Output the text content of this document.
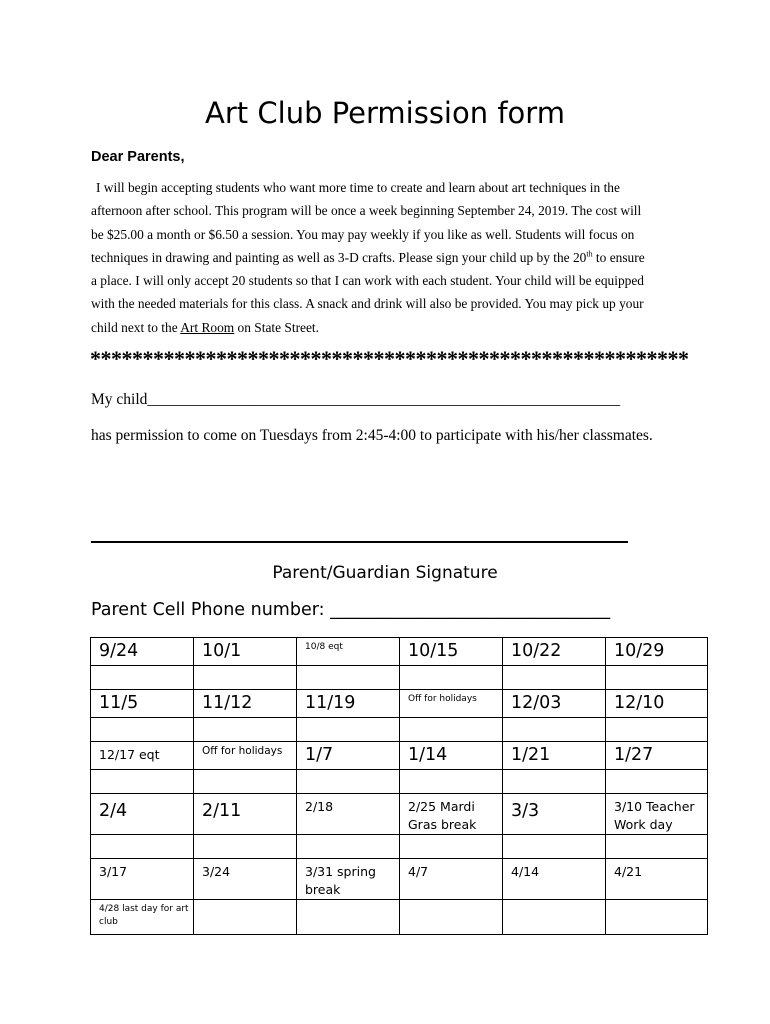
Art Club Permission form
Dear Parents,
I will begin accepting students who want more time to create and learn about art techniques in the
afternoon after school. This program will be once a week beginning September 24, 2019. The cost will
be $25.00 a month or $6.50 a session. You may pay weekly if you like as well. Students will focus on
techniques in drawing and painting as well as 3-D crafts. Please sign your child up by the 20th to ensure
a place. I will only accept 20 students so that I can work with each student. Your child will be equipped
with the needed materials for this class. A snack and drink will also be provided. You may pick up your
child next to the Art Room on State Street.
*********************************************************
My child_____________________________________________________________
has permission to come on Tuesdays from 2:45-4:00 to participate with his/her classmates.
Parent/Guardian Signature
Parent Cell Phone number: ________________________________
9/24	10/1	10/8 eqt	10/15	10/22	10/29

11/5	11/12	11/19	Off for holidays	12/03	12/10

12/17 eqt	Off for holidays	1/7	1/14	1/21	1/27

2/4	2/11	2/18	2/25 Mardi Gras break	3/3	3/10 Teacher Work day

3/17	3/24	3/31 spring break	4/7	4/14	4/21

4/28 last day for art club					
